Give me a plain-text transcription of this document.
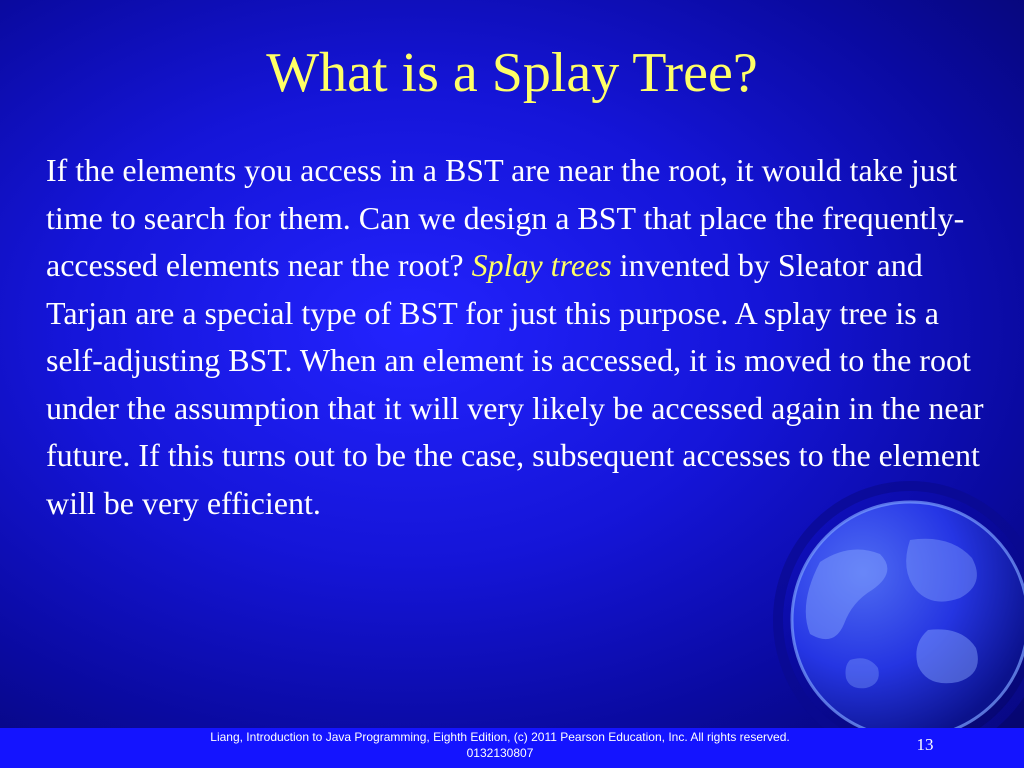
What is a Splay Tree?

If the elements you access in a BST are near the root, it would take just time to search for them. Can we design a BST that place the frequently-accessed elements near the root? Splay trees invented by Sleator and Tarjan are a special type of BST for just this purpose. A splay tree is a self-adjusting BST. When an element is accessed, it is moved to the root under the assumption that it will very likely be accessed again in the near future. If this turns out to be the case, subsequent accesses to the element will be very efficient.

Liang, Introduction to Java Programming, Eighth Edition, (c) 2011 Pearson Education, Inc. All rights reserved. 0132130807	13
